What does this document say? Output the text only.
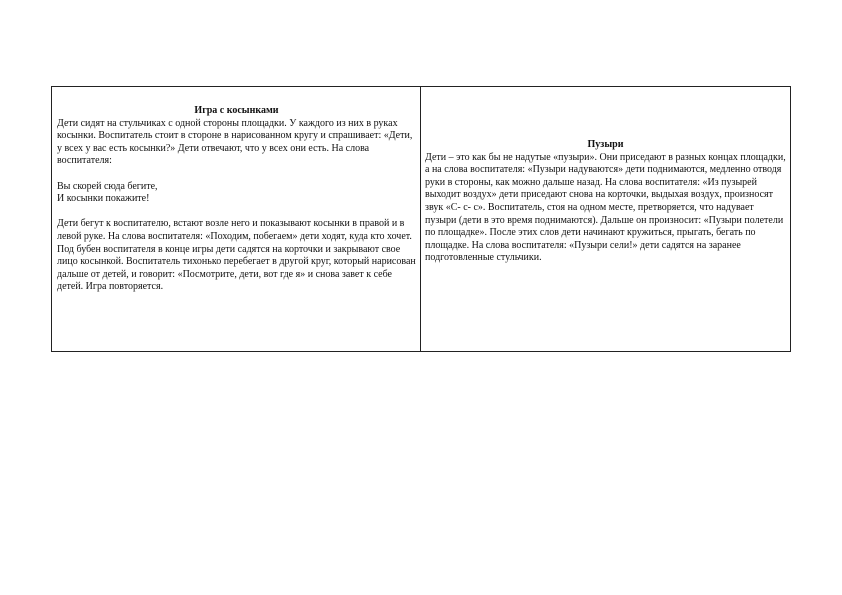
Игра с косынками

Дети сидят на стульчиках с одной стороны площадки. У каждого из них в руках косынки. Воспитатель стоит в стороне в нарисованном кругу и спрашивает: «Дети, у всех у вас есть косынки?» Дети отвечают, что у всех они есть. На слова воспитателя:

Вы скорей сюда бегите,
И косынки покажите!

Дети бегут к воспитателю, встают возле него и показывают косынки в правой и в левой руке. На слова воспитателя: «Походим, побегаем» дети ходят, куда кто хочет. Под бубен воспитателя в конце игры дети садятся на корточки и закрывают свое лицо косынкой. Воспитатель тихонько перебегает в другой круг, который нарисован дальше от детей, и говорит: «Посмотрите, дети, вот где я» и снова завет к себе детей. Игра повторяется.

Пузыри

Дети – это как бы не надутые «пузыри». Они приседают в разных концах площадки, а на слова воспитателя: «Пузыри надуваются» дети поднимаются, медленно отводя руки в стороны, как можно дальше назад. На слова воспитателя: «Из пузырей выходит воздух» дети приседают снова на корточки, выдыхая воздух, произносят звук «С- с- с». Воспитатель, стоя на одном месте, претворяется, что надувает пузыри (дети в это время поднимаются). Дальше он произносит: «Пузыри полетели по площадке». После этих слов дети начинают кружиться, прыгать, бегать по площадке. На слова воспитателя: «Пузыри сели!» дети садятся на заранее подготовленные стульчики.
